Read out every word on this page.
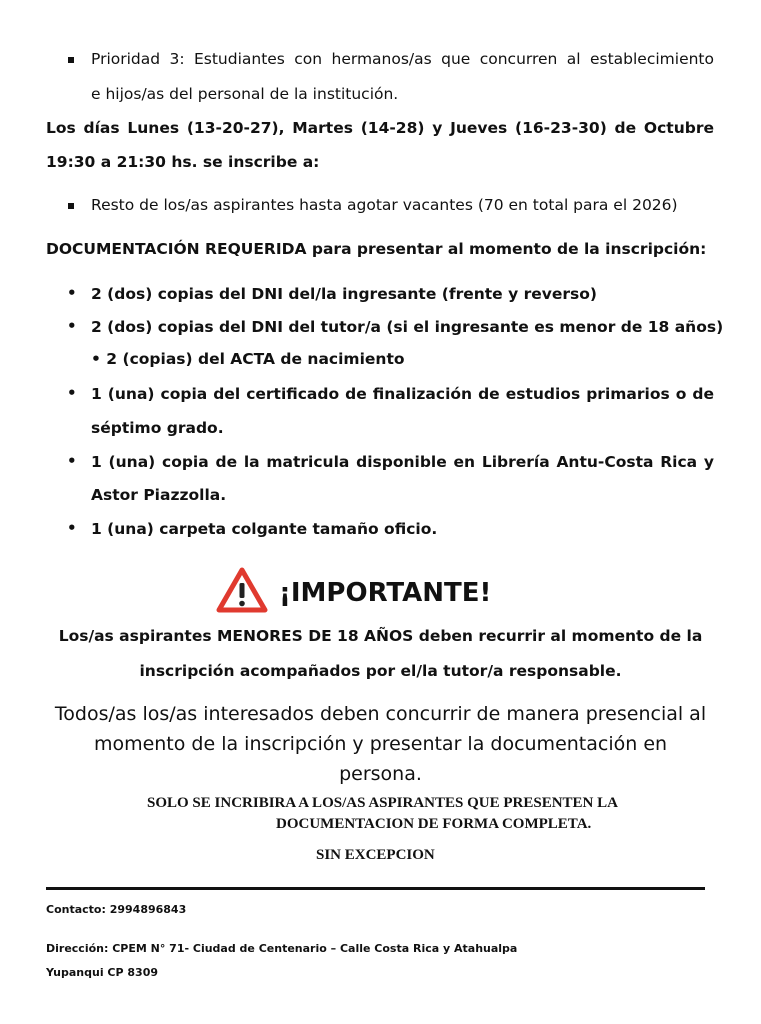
Prioridad 3: Estudiantes con hermanos/as que concurren al establecimiento
e hijos/as del personal de la institución.
Los días Lunes (13-20-27), Martes (14-28) y Jueves (16-23-30) de Octubre
19:30 a 21:30 hs. se inscribe a:
Resto de los/as aspirantes hasta agotar vacantes (70 en total para el 2026)
DOCUMENTACIÓN REQUERIDA para presentar al momento de la inscripción:
• 2 (dos) copias del DNI del/la ingresante (frente y reverso)
• 2 (dos) copias del DNI del tutor/a (si el ingresante es menor de 18 años)
• 2 (copias) del ACTA de nacimiento
• 1 (una) copia del certificado de finalización de estudios primarios o de
séptimo grado.
• 1 (una) copia de la matricula disponible en Librería Antu-Costa Rica y
Astor Piazzolla.
• 1 (una) carpeta colgante tamaño oficio.
¡IMPORTANTE!
Los/as aspirantes MENORES DE 18 AÑOS deben recurrir al momento de la
inscripción acompañados por el/la tutor/a responsable.
Todos/as los/as interesados deben concurrir de manera presencial al
momento de la inscripción y presentar la documentación en
persona.
SOLO SE INCRIBIRA A LOS/AS ASPIRANTES QUE PRESENTEN LA
DOCUMENTACION DE FORMA COMPLETA.
SIN EXCEPCION
Contacto: 2994896843
Dirección: CPEM N° 71- Ciudad de Centenario – Calle Costa Rica y Atahualpa
Yupanqui CP 8309
